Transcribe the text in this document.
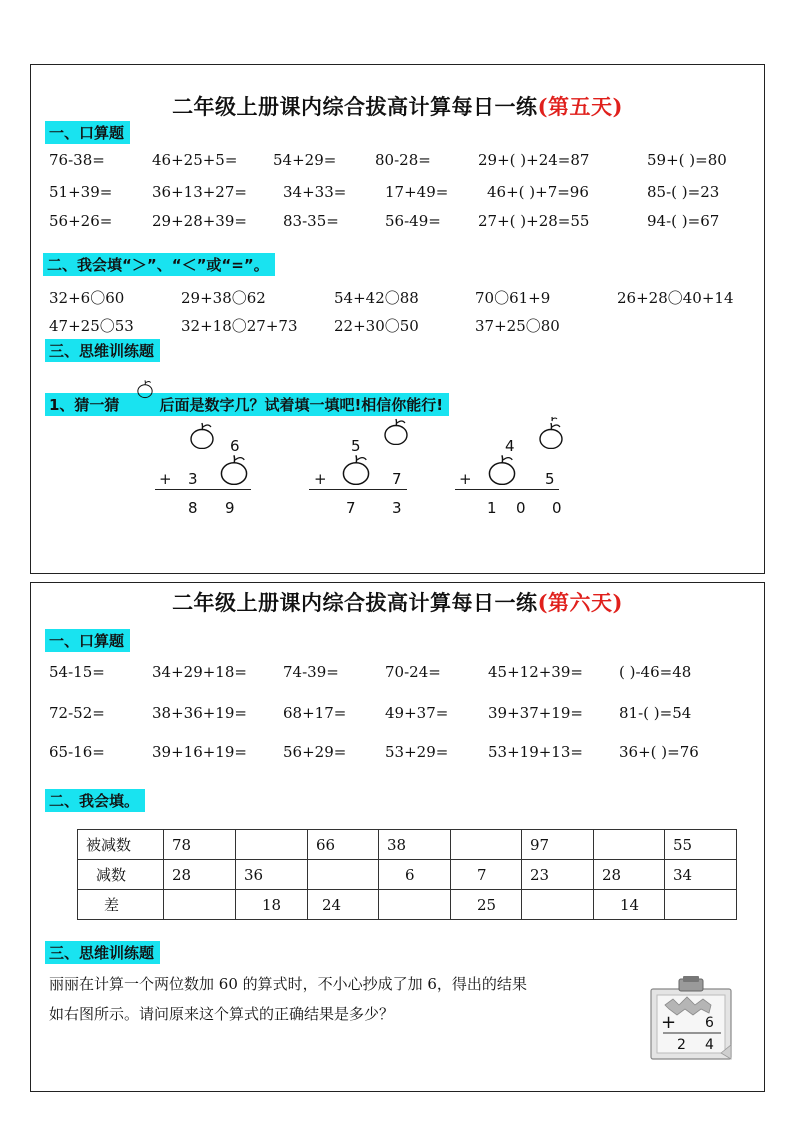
二年级上册课内综合拔高计算每日一练(第五天)
一、口算题
76-38=	46+25+5= 54+29=	80-28=	29+( )+24=87	59+( )=80
51+39=	36+13+27= 34+33=	17+49=	46+( )+7=96	85-( )=23
56+26=	29+28+39= 83-35=	56-49= 27+( )+28=55	94-( )=67
二、我会填“＞”、“＜”或“=”。
32+6〇60	29+38〇62	54+42〇88	70〇61+9	26+28〇40+14
47+25〇53	32+18〇27+73 22+30〇50	37+25〇80
三、思维训练题
1、猜一猜	后面是数字几？试着填一填吧!相信你能行!
6
+ 3
8 9
5
+	7
7 3
4
+	5
1 0 0
二年级上册课内综合拔高计算每日一练(第六天)
一、口算题
54-15=	34+29+18= 74-39=	70-24=	45+12+39= ( )-46=48
72-52=	38+36+19= 68+17=	49+37=	39+37+19= 81-( )=54
65-16=	39+16+19= 56+29=	53+29=	53+19+13= 36+( )=76
二、我会填。
被减数	78		66	38		97		55
减数	28	36		6	7	23	28	34
差		18	24		25		14	
三、思维训练题
丽丽在计算一个两位数加 60 的算式时，不小心抄成了加 6，得出的结果
如右图所示。请问原来这个算式的正确结果是多少？	+ 6
2 4
